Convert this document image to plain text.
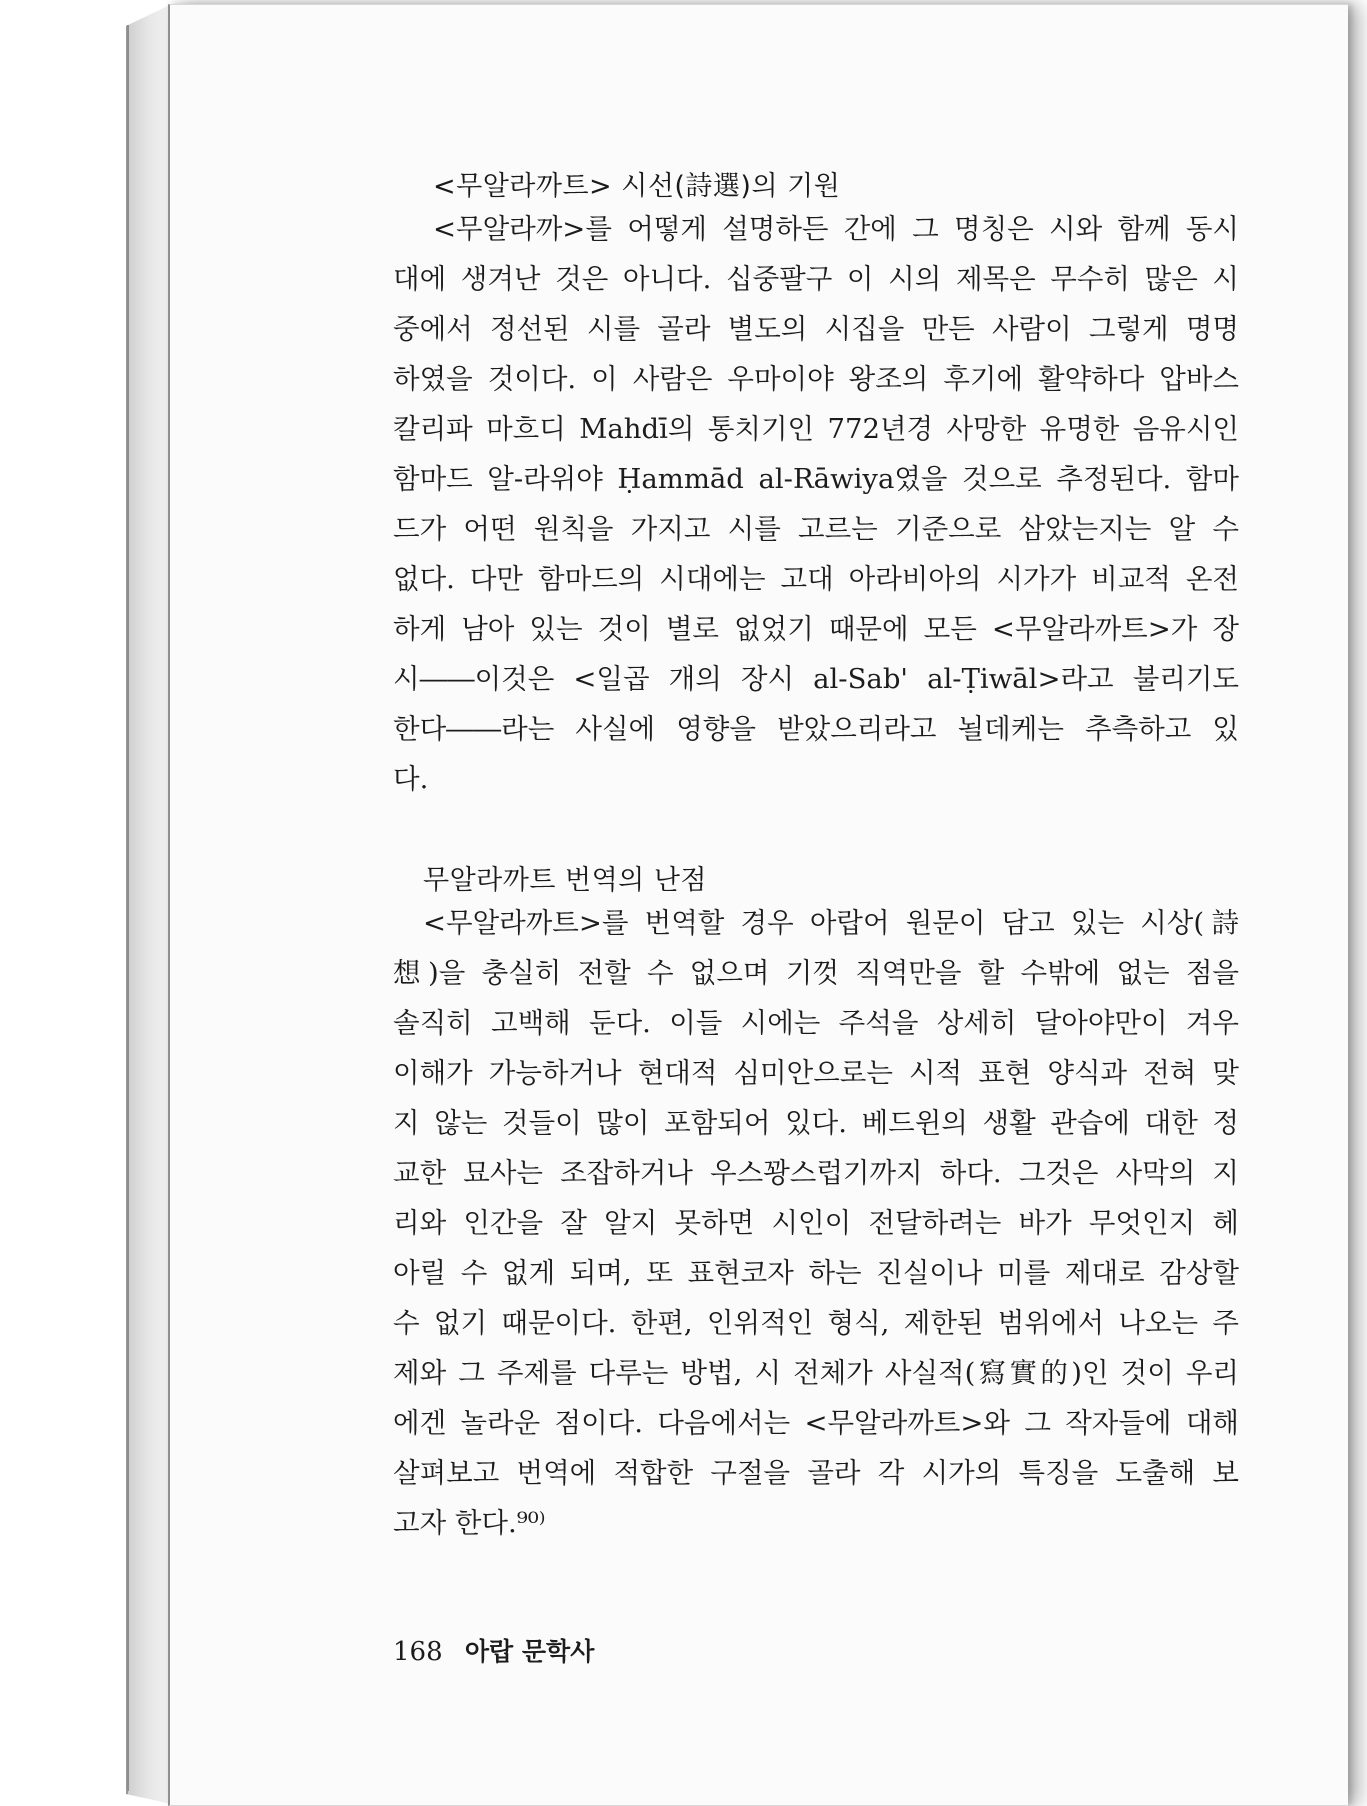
<무알라까트> 시선(詩選)의 기원
<무알라까>를 어떻게 설명하든 간에 그 명칭은 시와 함께 동시
대에 생겨난 것은 아니다. 십중팔구 이 시의 제목은 무수히 많은 시
중에서 정선된 시를 골라 별도의 시집을 만든 사람이 그렇게 명명
하였을 것이다. 이 사람은 우마이야 왕조의 후기에 활약하다 압바스
칼리파 마흐디 Mahdī의 통치기인 772년경 사망한 유명한 음유시인
함마드 알-라위야 Ḥammād al-Rāwiya였을 것으로 추정된다. 함마
드가 어떤 원칙을 가지고 시를 고르는 기준으로 삼았는지는 알 수
없다. 다만 함마드의 시대에는 고대 아라비아의 시가가 비교적 온전
하게 남아 있는 것이 별로 없었기 때문에 모든 <무알라까트>가 장
시――이것은 <일곱 개의 장시 al-Sab' al-Ṭiwāl>라고 불리기도
한다――라는 사실에 영향을 받았으리라고 뇔데케는 추측하고 있
다.
무알라까트 번역의 난점
<무알라까트>를 번역할 경우 아랍어 원문이 담고 있는 시상(詩
想)을 충실히 전할 수 없으며 기껏 직역만을 할 수밖에 없는 점을
솔직히 고백해 둔다. 이들 시에는 주석을 상세히 달아야만이 겨우
이해가 가능하거나 현대적 심미안으로는 시적 표현 양식과 전혀 맞
지 않는 것들이 많이 포함되어 있다. 베드윈의 생활 관습에 대한 정
교한 묘사는 조잡하거나 우스꽝스럽기까지 하다. 그것은 사막의 지
리와 인간을 잘 알지 못하면 시인이 전달하려는 바가 무엇인지 헤
아릴 수 없게 되며, 또 표현코자 하는 진실이나 미를 제대로 감상할
수 없기 때문이다. 한편, 인위적인 형식, 제한된 범위에서 나오는 주
제와 그 주제를 다루는 방법, 시 전체가 사실적(寫實的)인 것이 우리
에겐 놀라운 점이다. 다음에서는 <무알라까트>와 그 작자들에 대해
살펴보고 번역에 적합한 구절을 골라 각 시가의 특징을 도출해 보
고자 한다.⁹⁰⁾
168 아랍 문학사
